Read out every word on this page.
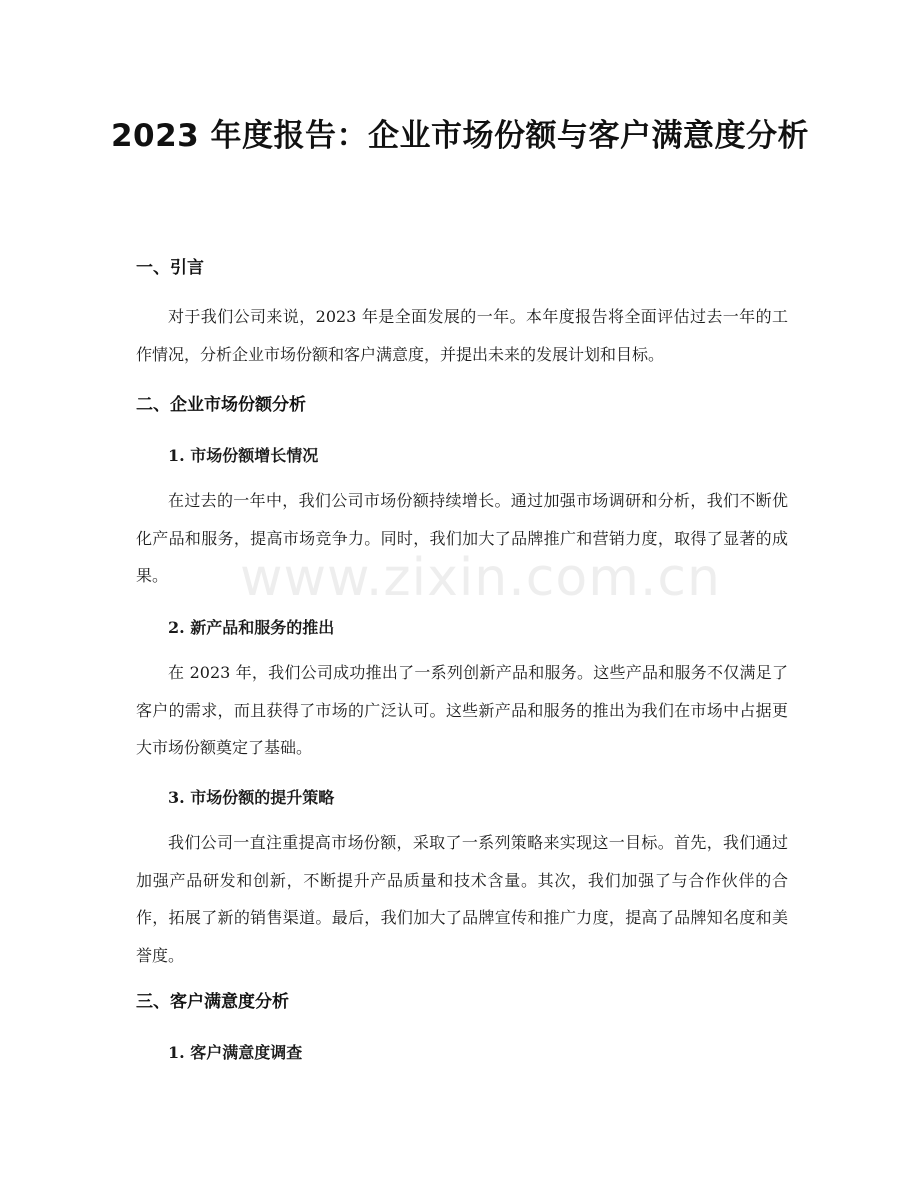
2023 年度报告：企业市场份额与客户满意度分析
一、引言

对于我们公司来说，2023 年是全面发展的一年。本年度报告将全面评估过去一年的工作情况，分析企业市场份额和客户满意度，并提出未来的发展计划和目标。

二、企业市场份额分析
1. 市场份额增长情况

在过去的一年中，我们公司市场份额持续增长。通过加强市场调研和分析，我们不断优化产品和服务，提高市场竞争力。同时，我们加大了品牌推广和营销力度，取得了显著的成果。

2. 新产品和服务的推出

在 2023 年，我们公司成功推出了一系列创新产品和服务。这些产品和服务不仅满足了客户的需求，而且获得了市场的广泛认可。这些新产品和服务的推出为我们在市场中占据更大市场份额奠定了基础。

3. 市场份额的提升策略

我们公司一直注重提高市场份额，采取了一系列策略来实现这一目标。首先，我们通过加强产品研发和创新，不断提升产品质量和技术含量。其次，我们加强了与合作伙伴的合作，拓展了新的销售渠道。最后，我们加大了品牌宣传和推广力度，提高了品牌知名度和美誉度。

三、客户满意度分析
1. 客户满意度调查
www.zixin.com.cn
